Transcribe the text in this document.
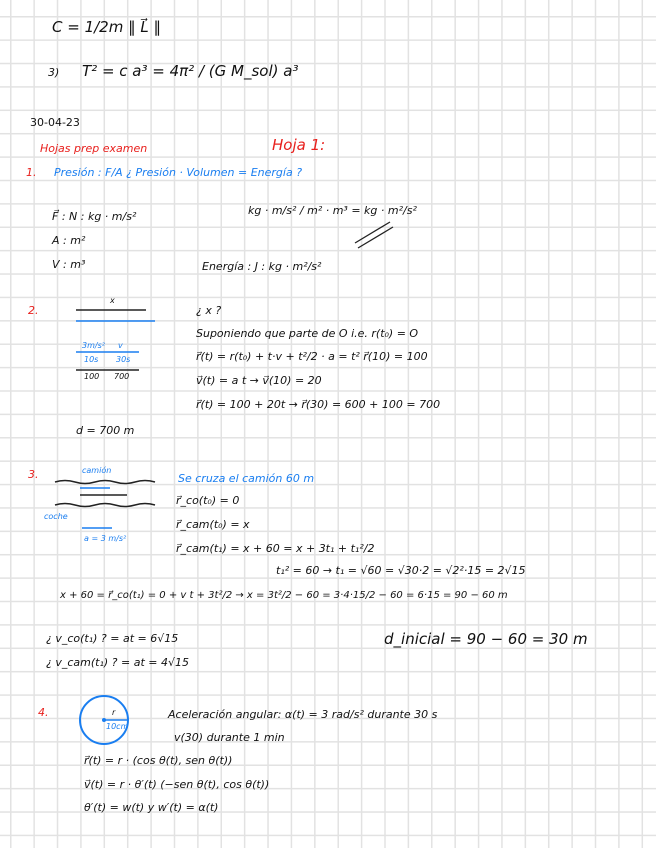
C = 1/2m ‖ L⃗ ‖
3) T² = c a³ = 4π² / (G M_sol) a³
30-04-23
Hojas prep examen	Hoja 1:
1. Presión : F/A ¿ Presión · Volumen = Energía ?
F⃗ : N : kg · m/s²
A : m²
V : m³
kg · m/s² / m² · m³ = kg · m²/s²
Energía : J : kg · m²/s²
2.
x
3m/s² v
10s 30s
100 700
¿ x ?
Suponiendo que parte de O i.e. r(t₀) = O
r⃗(t) = r(t₀) + t·v + t²/2 · a = t² r⃗(10) = 100
v⃗(t) = a t → v⃗(10) = 20
r⃗(t) = 100 + 20t → r⃗(30) = 600 + 100 = 700
d = 700 m
3.	camión
coche
a = 3 m/s²
Se cruza el camión 60 m
r⃗_co(t₀) = 0
r⃗_cam(t₀) = x
r⃗_cam(t₁) = x + 60 = x + 3t₁ + t₁²/2
t₁² = 60 → t₁ = √60 = √30·2 = √2²·15 = 2√15
x + 60 = r⃗_co(t₁) = 0 + v t + 3t²/2 → x = 3t²/2 − 60 = 3·4·15/2 − 60 = 6·15 = 90 − 60 m
¿ v_co(t₁) ? = at = 6√15
¿ v_cam(t₁) ? = at = 4√15
d_inicial = 90 − 60 = 30 m
4.	r
10cm
Aceleración angular: α(t) = 3 rad/s² durante 30 s
v(30) durante 1 min
r⃗(t) = r · (cos θ(t), sen θ(t))
v⃗(t) = r · θ′(t) (−sen θ(t), cos θ(t))
θ′(t) = w(t) y w′(t) = α(t)
